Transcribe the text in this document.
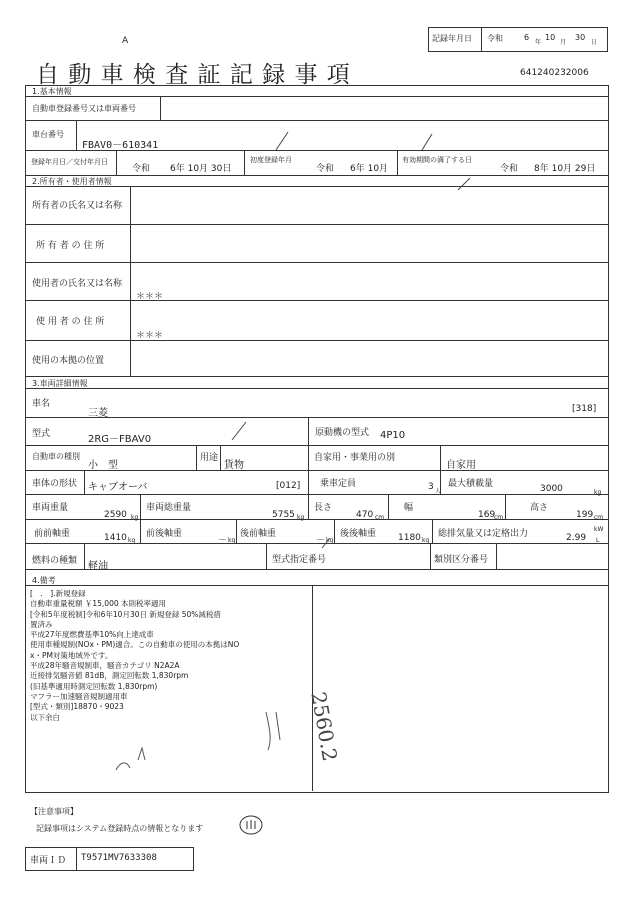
A
自 動 車 検 査 証 記 録 事 項
記録年月日 令和	6
年
10
月
30
日
641240232006
1.基本情報
自動車登録番号又は車両番号
車台番号
FBAV0－610341
登録年月日／交付年月日
令和 6年 10月 30日
初度登録年月
令和 6年 10月
有効期間の満了する日
令和 8年 10月 29日
2.所有者・使用者情報
所有者の氏名又は名称
所 有 者 の 住 所
使用者の氏名又は名称
＊＊＊
使 用 者 の 住 所
＊＊＊
使用の本拠の位置
3.車両詳細情報
車名
三菱	[318]
型式	2RG－FBAV0
原動機の型式 4P10
自動車の種別
小　型
用途
貨物
自家用・事業用の別
自家用
車体の形状 キャブオーバ	[012] 乗車定員	3 人
最大積載量	3000	kg
車両重量
2590 kg
車両総重量
5755 kg
長さ
470 cm
幅
169
cm
高さ
199 cm
前前軸重	1410 kg
前後軸重
－ kg
後前軸重
－ kg
後後軸重 1180 kg
総排気量又は定格出力	kW
2.99 L
燃料の種類 軽油
型式指定番号	類別区分番号
4.備考
[　.　].新規登録
自動車重量税額 ￥15,000 本則税率適用
[令和5年度税制]令和6年10月30日 新規登録 50%減税措
置済み
平成27年度燃費基準10%向上達成車
使用車種規制(NOx・PM)適合。この自動車の使用の本拠はNO
x・PM対策地域外です。
平成28年騒音規制車，騒音カテゴリ N2A2A
近接排気騒音値 81dB，測定回転数 1,830rpm
(旧基準適用時測定回転数 1,830rpm)
マフラー加速騒音規制適用車
[型式・類別]18870・9023
以下余白	2560.2
【注意事項】
記録事項はシステム登録時点の情報となります
車両ＩＤ T9571MV7633308
